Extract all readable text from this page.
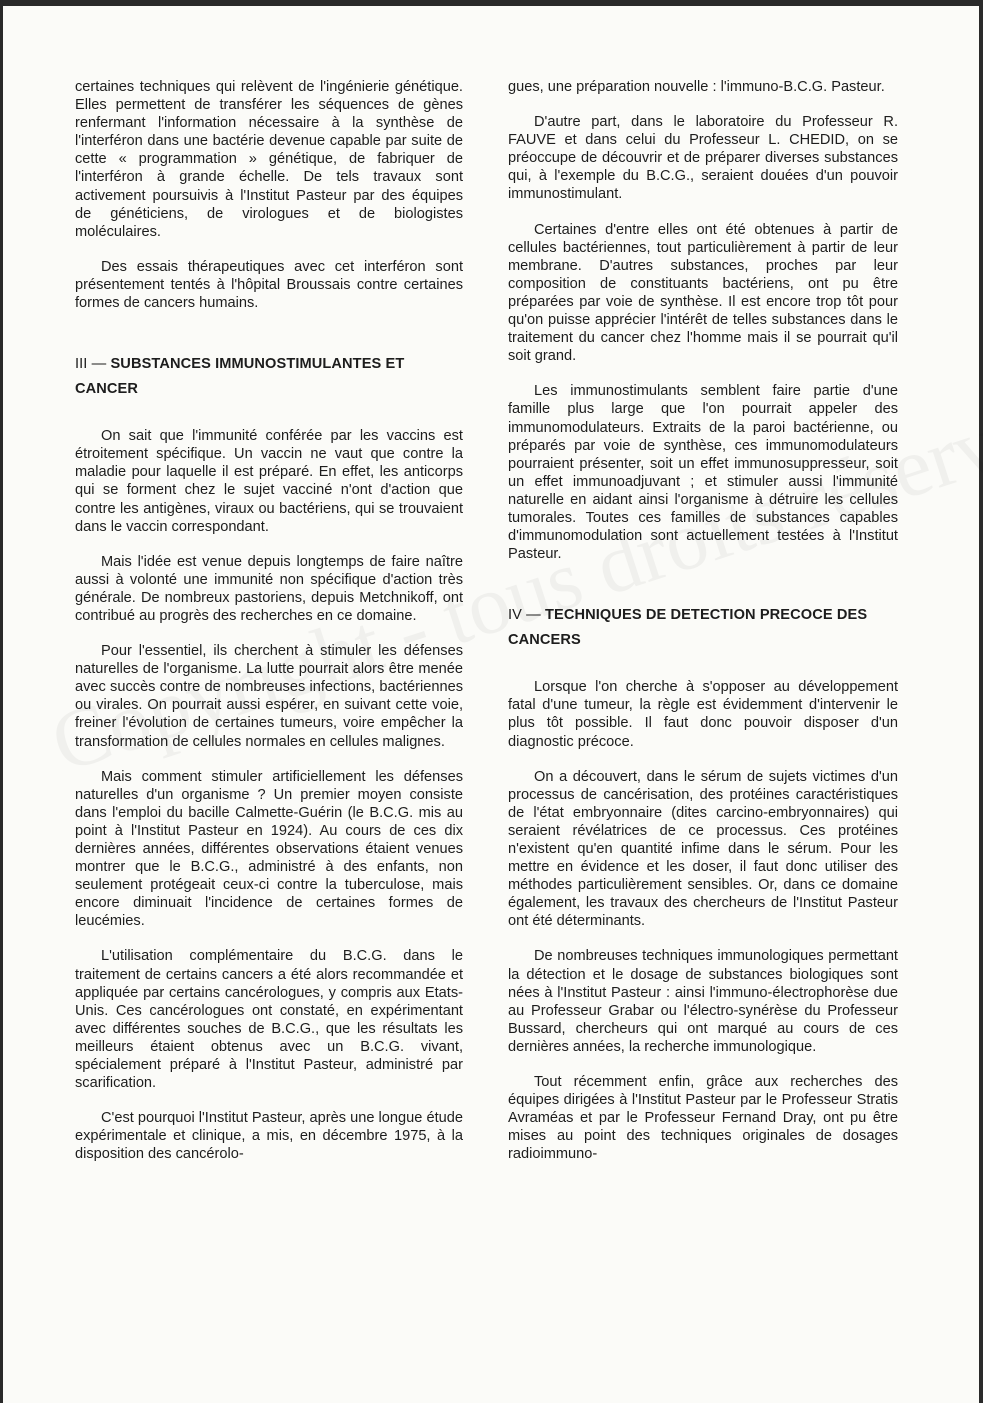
certaines techniques qui relèvent de l'ingénierie génétique. Elles permettent de transférer les séquences de gènes renfermant l'information nécessaire à la synthèse de l'interféron dans une bactérie devenue capable par suite de cette « programmation » génétique, de fabriquer de l'interféron à grande échelle. De tels travaux sont activement poursuivis à l'Institut Pasteur par des équipes de généticiens, de virologues et de biologistes moléculaires.

Des essais thérapeutiques avec cet interféron sont présentement tentés à l'hôpital Broussais contre certaines formes de cancers humains.

III — SUBSTANCES IMMUNOSTIMULANTES ET CANCER

On sait que l'immunité conférée par les vaccins est étroitement spécifique. Un vaccin ne vaut que contre la maladie pour laquelle il est préparé. En effet, les anticorps qui se forment chez le sujet vacciné n'ont d'action que contre les antigènes, viraux ou bactériens, qui se trouvaient dans le vaccin correspondant.

Mais l'idée est venue depuis longtemps de faire naître aussi à volonté une immunité non spécifique d'action très générale. De nombreux pastoriens, depuis Metchnikoff, ont contribué au progrès des recherches en ce domaine.

Pour l'essentiel, ils cherchent à stimuler les défenses naturelles de l'organisme. La lutte pourrait alors être menée avec succès contre de nombreuses infections, bactériennes ou virales. On pourrait aussi espérer, en suivant cette voie, freiner l'évolution de certaines tumeurs, voire empêcher la transformation de cellules normales en cellules malignes.

Mais comment stimuler artificiellement les défenses naturelles d'un organisme ? Un premier moyen consiste dans l'emploi du bacille Calmette-Guérin (le B.C.G. mis au point à l'Institut Pasteur en 1924). Au cours de ces dix dernières années, différentes observations étaient venues montrer que le B.C.G., administré à des enfants, non seulement protégeait ceux-ci contre la tuberculose, mais encore diminuait l'incidence de certaines formes de leucémies.

L'utilisation complémentaire du B.C.G. dans le traitement de certains cancers a été alors recommandée et appliquée par certains cancérologues, y compris aux Etats-Unis. Ces cancérologues ont constaté, en expérimentant avec différentes souches de B.C.G., que les résultats les meilleurs étaient obtenus avec un B.C.G. vivant, spécialement préparé à l'Institut Pasteur, administré par scarification.

C'est pourquoi l'Institut Pasteur, après une longue étude expérimentale et clinique, a mis, en décembre 1975, à la disposition des cancérolo-

gues, une préparation nouvelle : l'immuno-B.C.G. Pasteur.

D'autre part, dans le laboratoire du Professeur R. FAUVE et dans celui du Professeur L. CHEDID, on se préoccupe de découvrir et de préparer diverses substances qui, à l'exemple du B.C.G., seraient douées d'un pouvoir immunostimulant.

Certaines d'entre elles ont été obtenues à partir de cellules bactériennes, tout particulièrement à partir de leur membrane. D'autres substances, proches par leur composition de constituants bactériens, ont pu être préparées par voie de synthèse. Il est encore trop tôt pour qu'on puisse apprécier l'intérêt de telles substances dans le traitement du cancer chez l'homme mais il se pourrait qu'il soit grand.

Les immunostimulants semblent faire partie d'une famille plus large que l'on pourrait appeler des immunomodulateurs. Extraits de la paroi bactérienne, ou préparés par voie de synthèse, ces immunomodulateurs pourraient présenter, soit un effet immunosuppresseur, soit un effet immunoadjuvant ; et stimuler aussi l'immunité naturelle en aidant ainsi l'organisme à détruire les cellules tumorales. Toutes ces familles de substances capables d'immunomodulation sont actuellement testées à l'Institut Pasteur.

IV — TECHNIQUES DE DETECTION PRECOCE DES CANCERS

Lorsque l'on cherche à s'opposer au développement fatal d'une tumeur, la règle est évidemment d'intervenir le plus tôt possible. Il faut donc pouvoir disposer d'un diagnostic précoce.

On a découvert, dans le sérum de sujets victimes d'un processus de cancérisation, des protéines caractéristiques de l'état embryonnaire (dites carcino-embryonnaires) qui seraient révélatrices de ce processus. Ces protéines n'existent qu'en quantité infime dans le sérum. Pour les mettre en évidence et les doser, il faut donc utiliser des méthodes particulièrement sensibles. Or, dans ce domaine également, les travaux des chercheurs de l'Institut Pasteur ont été déterminants.

De nombreuses techniques immunologiques permettant la détection et le dosage de substances biologiques sont nées à l'Institut Pasteur : ainsi l'immuno-électrophorèse due au Professeur Grabar ou l'électro-synérèse du Professeur Bussard, chercheurs qui ont marqué au cours de ces dernières années, la recherche immunologique.

Tout récemment enfin, grâce aux recherches des équipes dirigées à l'Institut Pasteur par le Professeur Stratis Avraméas et par le Professeur Fernand Dray, ont pu être mises au point des techniques originales de dosages radioimmuno-
